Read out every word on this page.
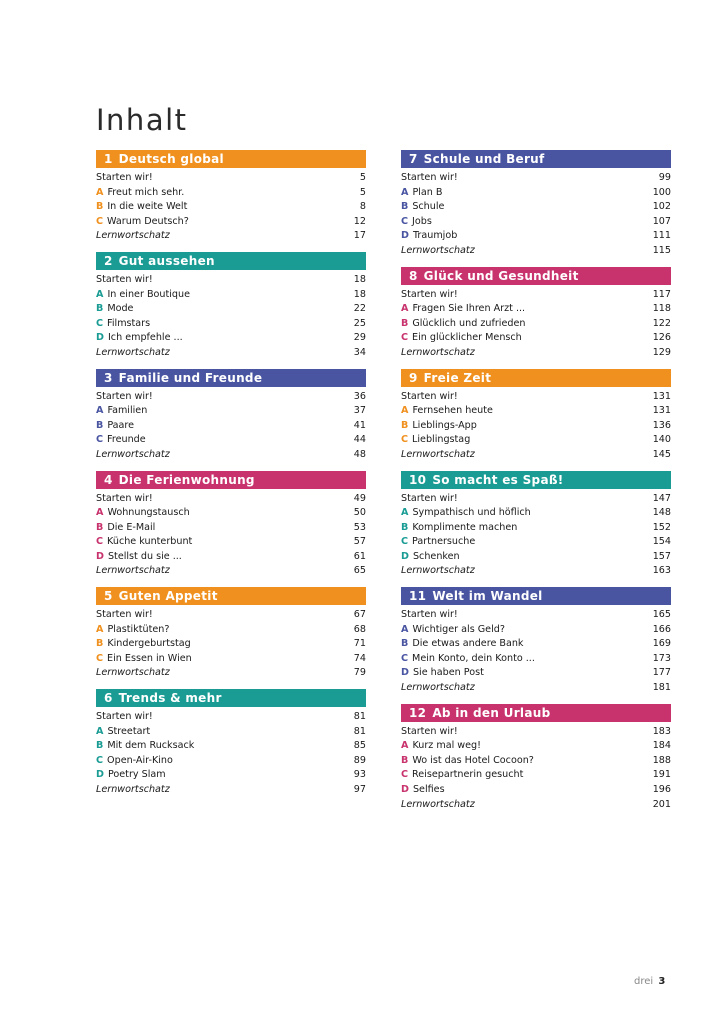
Inhalt
1 Deutsch global
Starten wir!	5
A Freut mich sehr.	5
B In die weite Welt	8
C Warum Deutsch?	12
Lernwortschatz	17
2 Gut aussehen
Starten wir!	18
A In einer Boutique	18
B Mode	22
C Filmstars	25
D Ich empfehle ...	29
Lernwortschatz	34
3 Familie und Freunde
Starten wir!	36
A Familien	37
B Paare	41
C Freunde	44
Lernwortschatz	48
4 Die Ferienwohnung
Starten wir!	49
A Wohnungstausch	50
B Die E-Mail	53
C Küche kunterbunt	57
D Stellst du sie ...	61
Lernwortschatz	65
5 Guten Appetit
Starten wir!	67
A Plastiktüten?	68
B Kindergeburtstag	71
C Ein Essen in Wien	74
Lernwortschatz	79
6 Trends & mehr
Starten wir!	81
A Streetart	81
B Mit dem Rucksack	85
C Open-Air-Kino	89
D Poetry Slam	93
Lernwortschatz	97
7 Schule und Beruf
Starten wir!	99
A Plan B	100
B Schule	102
C Jobs	107
D Traumjob	111
Lernwortschatz	115
8 Glück und Gesundheit
Starten wir!	117
A Fragen Sie Ihren Arzt ...	118
B Glücklich und zufrieden	122
C Ein glücklicher Mensch	126
Lernwortschatz	129
9 Freie Zeit
Starten wir!	131
A Fernsehen heute	131
B Lieblings-App	136
C Lieblingstag	140
Lernwortschatz	145
10 So macht es Spaß!
Starten wir!	147
A Sympathisch und höflich	148
B Komplimente machen	152
C Partnersuche	154
D Schenken	157
Lernwortschatz	163
11 Welt im Wandel
Starten wir!	165
A Wichtiger als Geld?	166
B Die etwas andere Bank	169
C Mein Konto, dein Konto ...	173
D Sie haben Post	177
Lernwortschatz	181
12 Ab in den Urlaub
Starten wir!	183
A Kurz mal weg!	184
B Wo ist das Hotel Cocoon?	188
C Reisepartnerin gesucht	191
D Selfies	196
Lernwortschatz	201
drei 3
